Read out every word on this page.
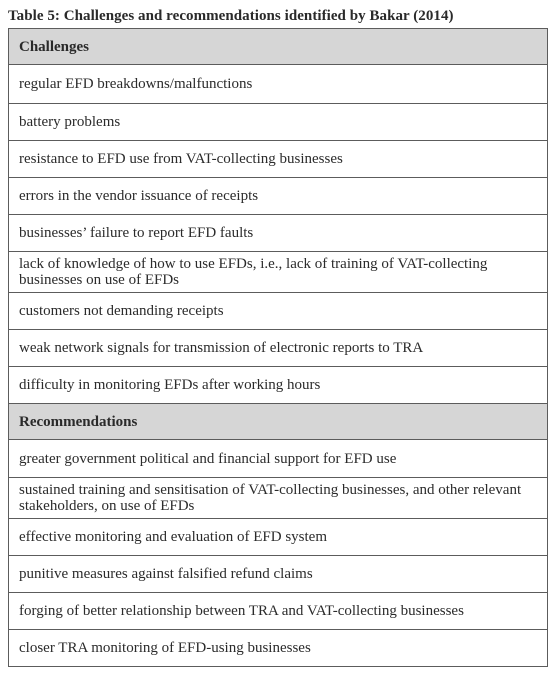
Table 5: Challenges and recommendations identified by Bakar (2014)
Challenges
regular EFD breakdowns/malfunctions
battery problems
resistance to EFD use from VAT-collecting businesses
errors in the vendor issuance of receipts
businesses’ failure to report EFD faults
lack of knowledge of how to use EFDs, i.e., lack of training of VAT-collecting businesses on use of EFDs
customers not demanding receipts
weak network signals for transmission of electronic reports to TRA
difficulty in monitoring EFDs after working hours
Recommendations
greater government political and financial support for EFD use
sustained training and sensitisation of VAT-collecting businesses, and other relevant stakeholders, on use of EFDs
effective monitoring and evaluation of EFD system
punitive measures against falsified refund claims
forging of better relationship between TRA and VAT-collecting businesses
closer TRA monitoring of EFD-using businesses
